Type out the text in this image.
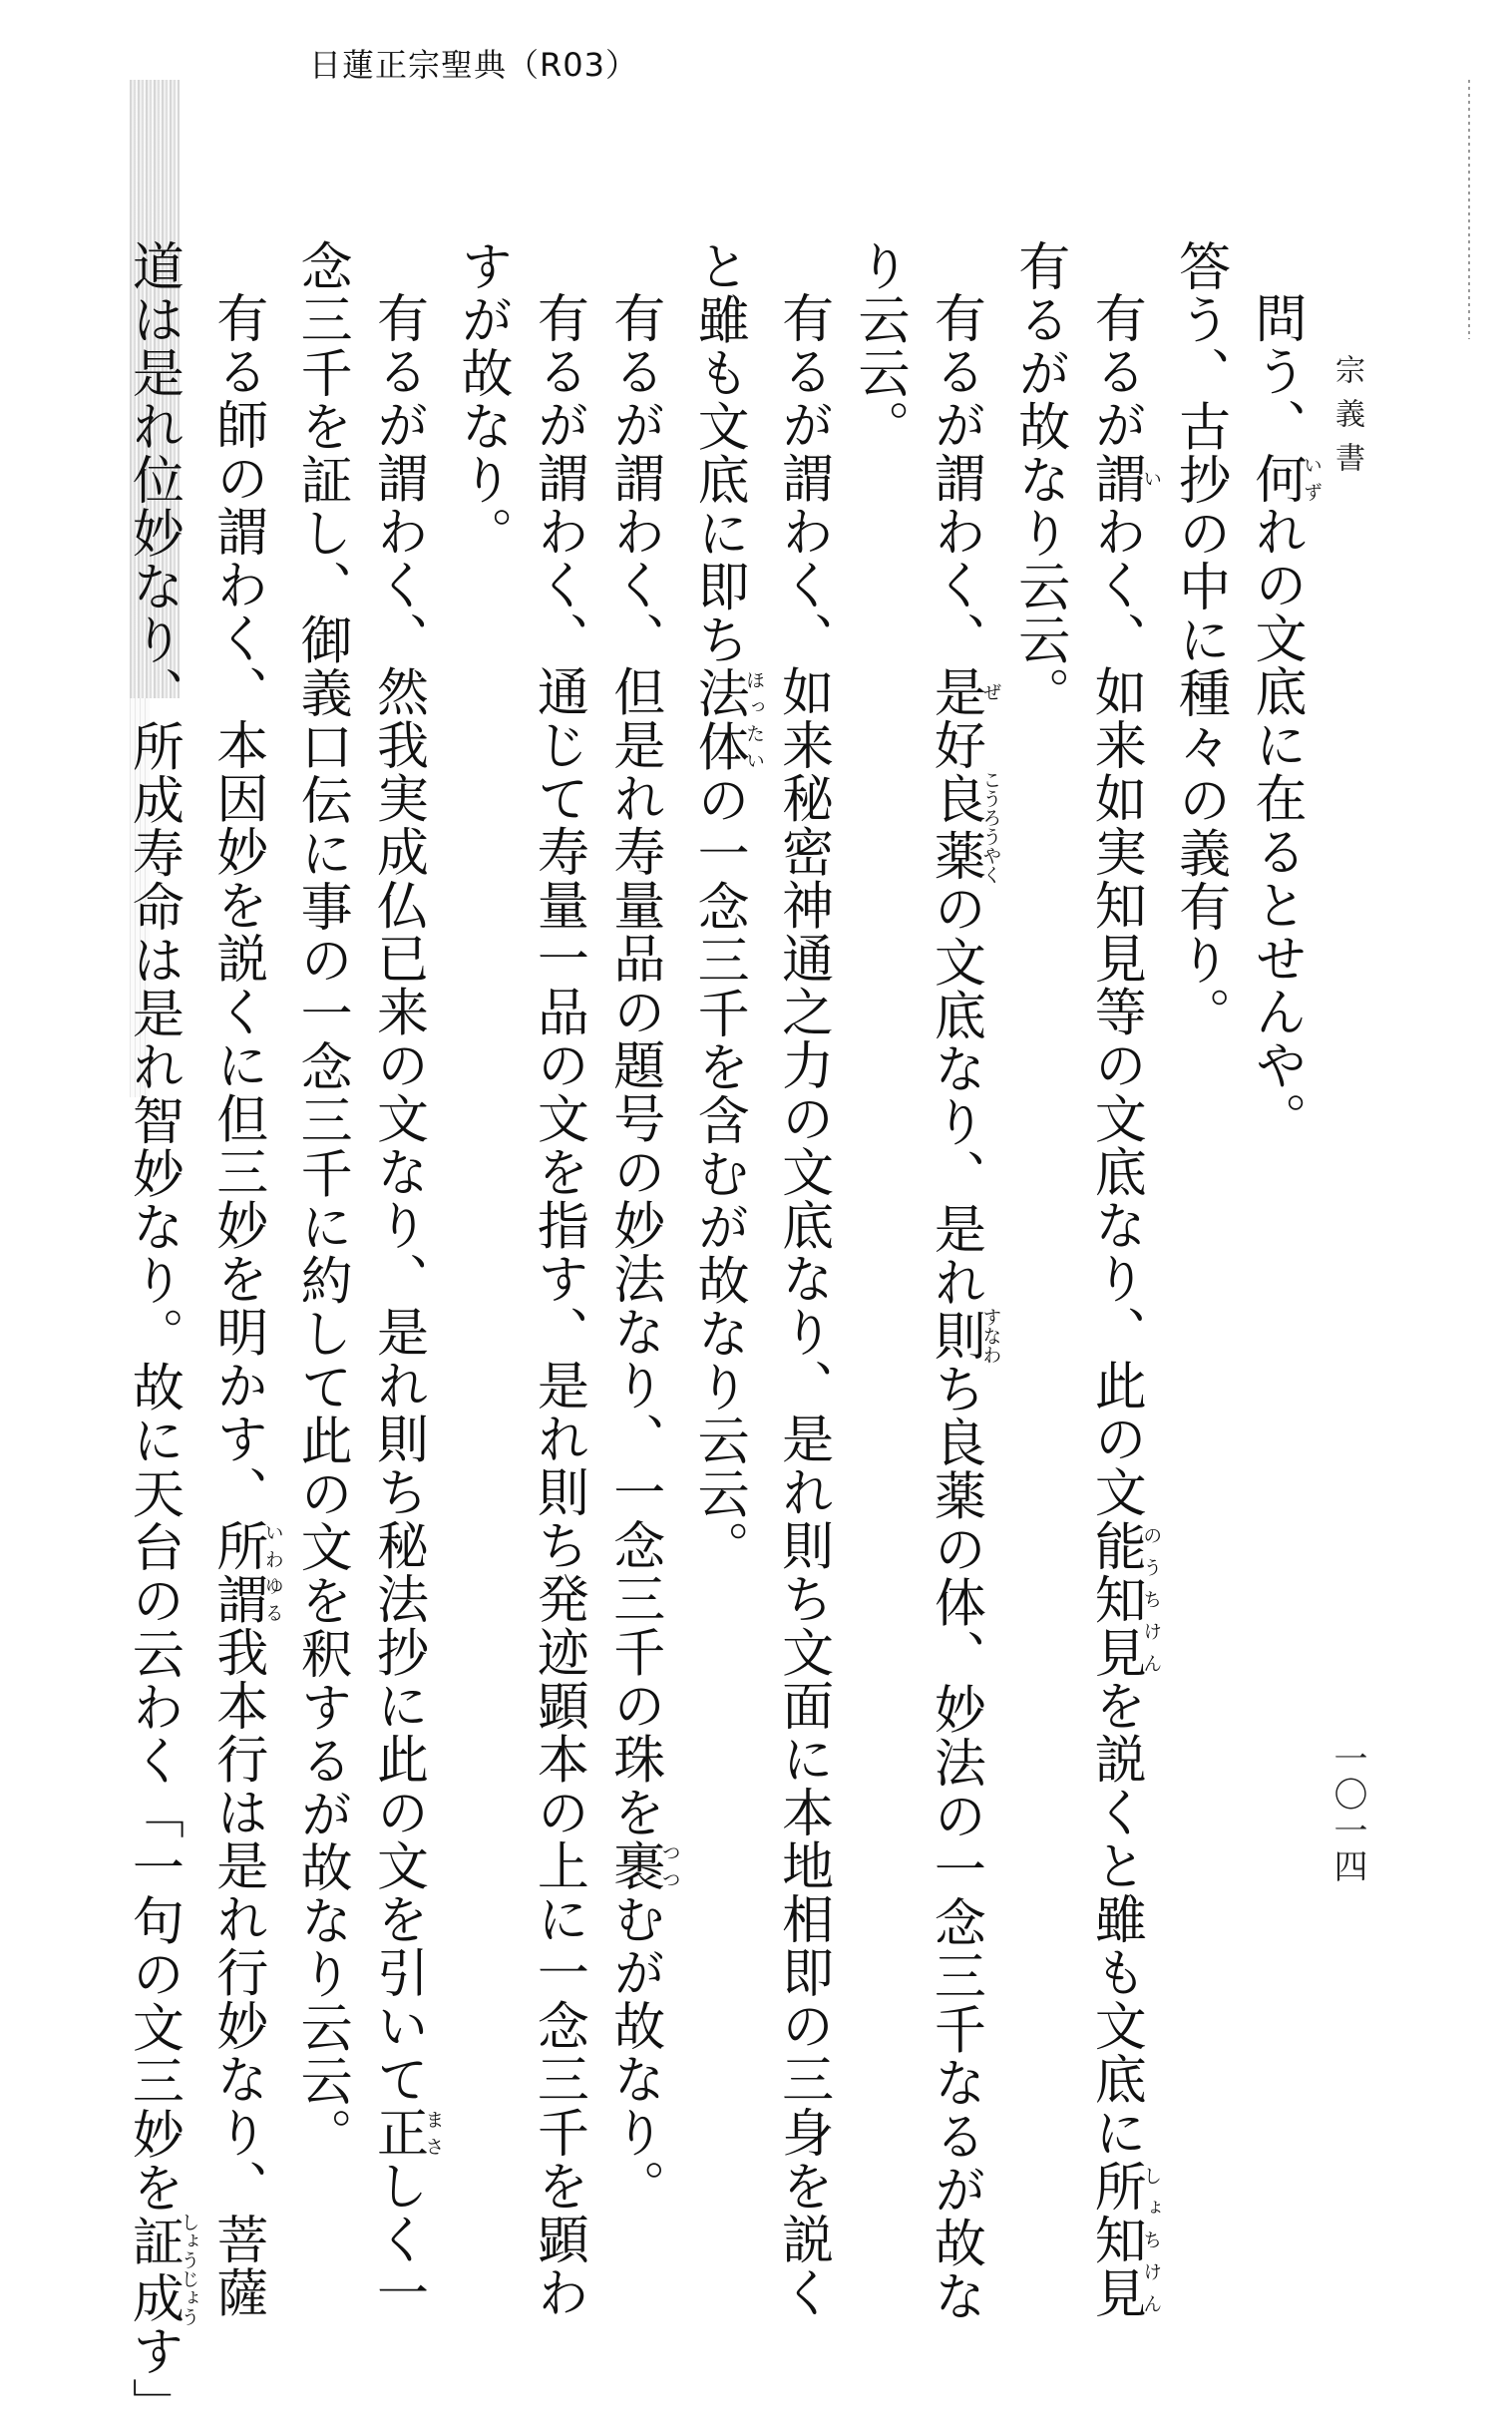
日蓮正宗聖典（R03）
宗義書
一〇一四
問う、何いずれの文底に在るとせんや。
答う、古抄の中に種々の義有り。
有るが謂いわく、如来如実知見等の文底なり、此の文能知見のうちけんを説くと雖も文底に所知見しょちけん
有るが故なり云云。
有るが謂わく、是ぜ好良薬こうろうやくの文底なり、是れ則すなわち良薬の体、妙法の一念三千なるが故な
り云云。
有るが謂わく、如来秘密神通之力の文底なり、是れ則ち文面に本地相即の三身を説く
と雖も文底に即ち法体ほったいの一念三千を含むが故なり云云。
有るが謂わく、但是れ寿量品の題号の妙法なり、一念三千の珠を裹つつむが故なり。
有るが謂わく、通じて寿量一品の文を指す、是れ則ち発迹顕本の上に一念三千を顕わ
すが故なり。
有るが謂わく、然我実成仏已来の文なり、是れ則ち秘法抄に此の文を引いて正まさしく一
念三千を証し、御義口伝に事の一念三千に約して此の文を釈するが故なり云云。
有る師の謂わく、本因妙を説くに但三妙を明かす、所謂いわゆる我本行は是れ行妙なり、菩薩
道は是れ位妙なり、所成寿命は是れ智妙なり。故に天台の云わく「一句の文三妙を証成しょうじょうす」
